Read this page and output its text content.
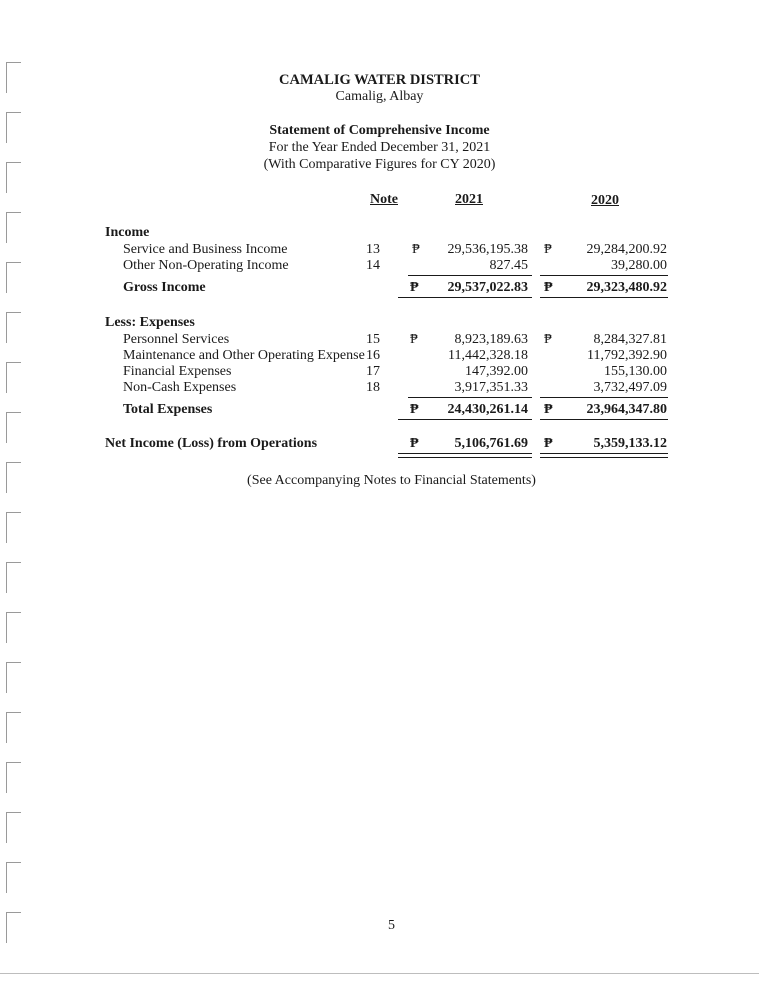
CAMALIG WATER DISTRICT
Camalig, Albay
Statement of Comprehensive Income
For the Year Ended December 31, 2021
(With Comparative Figures for CY 2020)
Note	2021	2020
Income
Service and Business Income	13 ₱	29,536,195.38 ₱	29,284,200.92
Other Non-Operating Income	14	827.45	39,280.00
Gross Income	₱	29,537,022.83 ₱	29,323,480.92
Less: Expenses
Personnel Services	15 ₱	8,923,189.63 ₱	8,284,327.81
Maintenance and Other Operating Expense 16	11,442,328.18	11,792,392.90
Financial Expenses	17	147,392.00	155,130.00
Non-Cash Expenses	18	3,917,351.33	3,732,497.09
Total Expenses	₱	24,430,261.14 ₱	23,964,347.80
Net Income (Loss) from Operations	₱	5,106,761.69 ₱	5,359,133.12
(See Accompanying Notes to Financial Statements)
5
